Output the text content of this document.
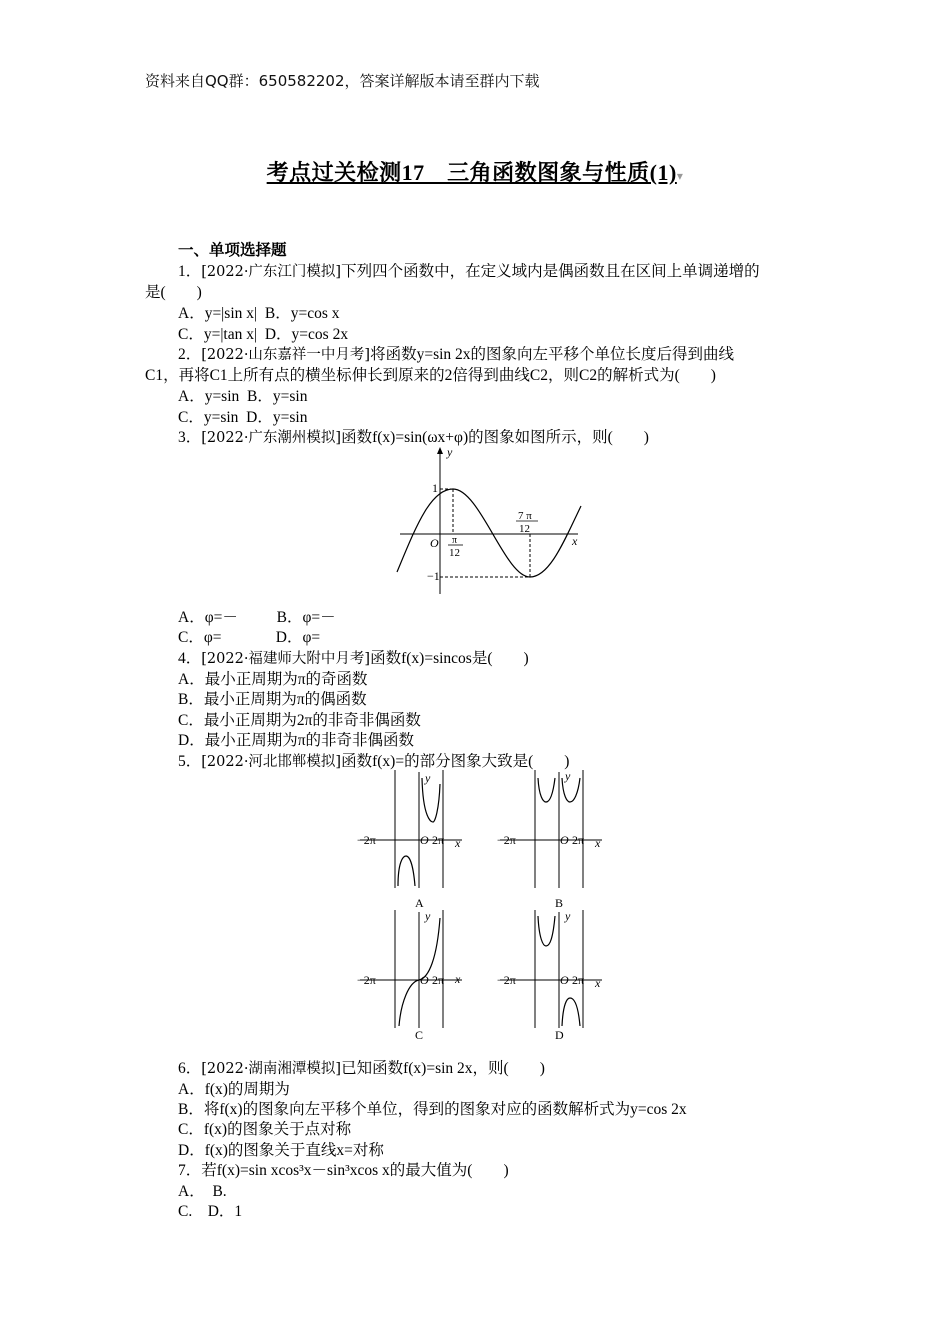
资料来自QQ群：650582202，答案详解版本请至群内下载
考点过关检测17　三角函数图象与性质(1)▾
一、单项选择题
1．[2022·广东江门模拟]下列四个函数中，在定义域内是偶函数且在区间上单调递增的
是(　　)
A．y=|sin x| B．y=cos x
C．y=|tan x| D．y=cos 2x
2．[2022·山东嘉祥一中月考]将函数y=sin 2x的图象向左平移个单位长度后得到曲线
C1，再将C1上所有点的横坐标伸长到原来的2倍得到曲线C2，则C2的解析式为(　　)
A．y=sin B．y=sin
C．y=sin D．y=sin
3．[2022·广东潮州模拟]函数f(x)=sin(ωx+φ)的图象如图所示，则(　　)
y
x
1
−1
O π
12
7 π
12
A．φ=－	B．φ=－
C．φ=	D．φ=
4．[2022·福建师大附中月考]函数f(x)=sincos是(　　)
A．最小正周期为π的奇函数
B．最小正周期为π的偶函数
C．最小正周期为2π的非奇非偶函数
D．最小正周期为π的非奇非偶函数
5．[2022·河北邯郸模拟]函数f(x)=的部分图象大致是(　　)
y
−2π	O 2π x
A
y
−2π	O 2π x
B
y
−2π	O 2π x
C
y
−2π	O 2π x
D
6．[2022·湖南湘潭模拟]已知函数f(x)=sin 2x，则(　　)
A．f(x)的周期为
B．将f(x)的图象向左平移个单位，得到的图象对应的函数解析式为y=cos 2x
C．f(x)的图象关于点对称
D．f(x)的图象关于直线x=对称
7．若f(x)=sin xcos³x－sin³xcos x的最大值为(　　)
A．　B.
C.　D．1
